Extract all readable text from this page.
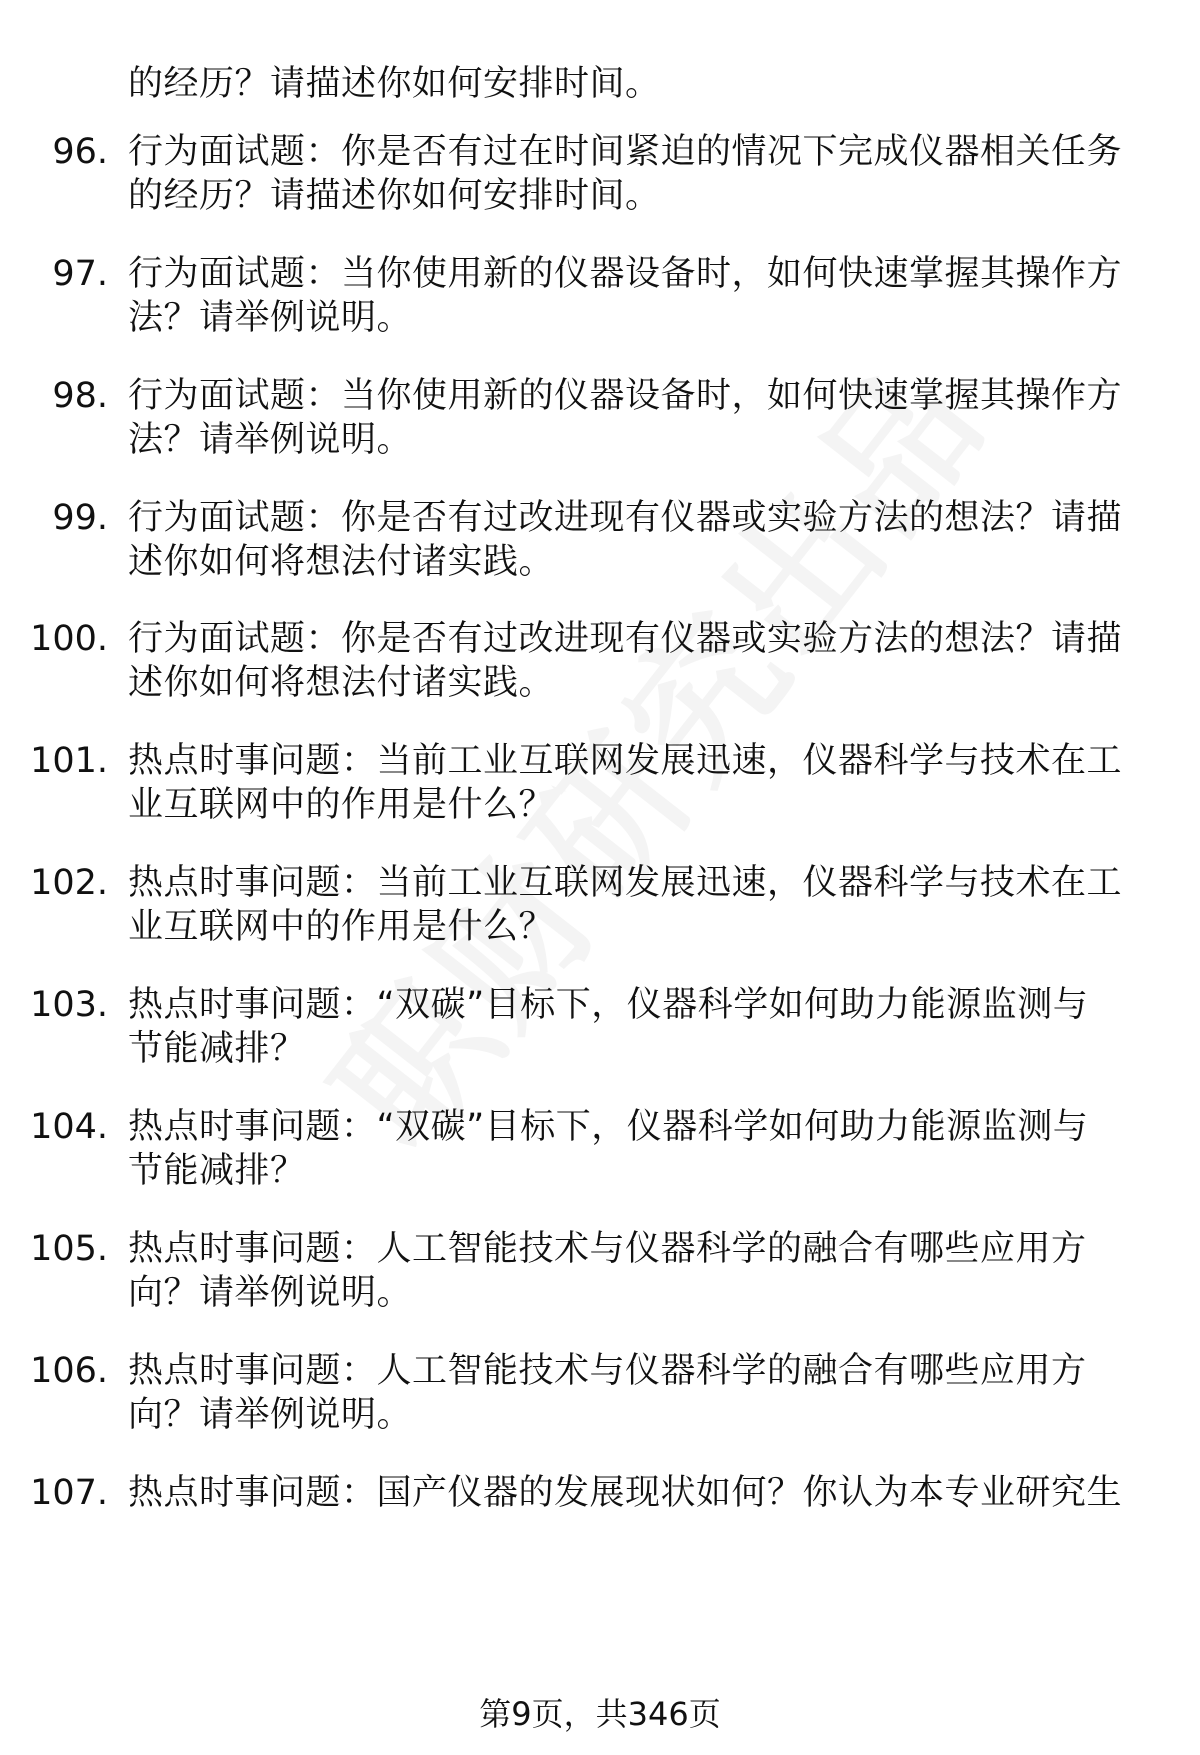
的经历？请描述你如何安排时间。
96. 行为面试题：你是否有过在时间紧迫的情况下完成仪器相关任务
的经历？请描述你如何安排时间。
97. 行为面试题：当你使用新的仪器设备时，如何快速掌握其操作方
法？请举例说明。
98. 行为面试题：当你使用新的仪器设备时，如何快速掌握其操作方
法？请举例说明。
99. 行为面试题：你是否有过改进现有仪器或实验方法的想法？请描
述你如何将想法付诸实践。
100. 行为面试题：你是否有过改进现有仪器或实验方法的想法？请描
述你如何将想法付诸实践。
101. 热点时事问题：当前工业互联网发展迅速，仪器科学与技术在工
业互联网中的作用是什么？
102. 热点时事问题：当前工业互联网发展迅速，仪器科学与技术在工
业互联网中的作用是什么？
103. 热点时事问题：“双碳”目标下，仪器科学如何助力能源监测与
节能减排？
104. 热点时事问题：“双碳”目标下，仪器科学如何助力能源监测与
节能减排？
105. 热点时事问题：人工智能技术与仪器科学的融合有哪些应用方
向？请举例说明。
106. 热点时事问题：人工智能技术与仪器科学的融合有哪些应用方
向？请举例说明。
107. 热点时事问题：国产仪器的发展现状如何？你认为本专业研究生
第9页，共346页
